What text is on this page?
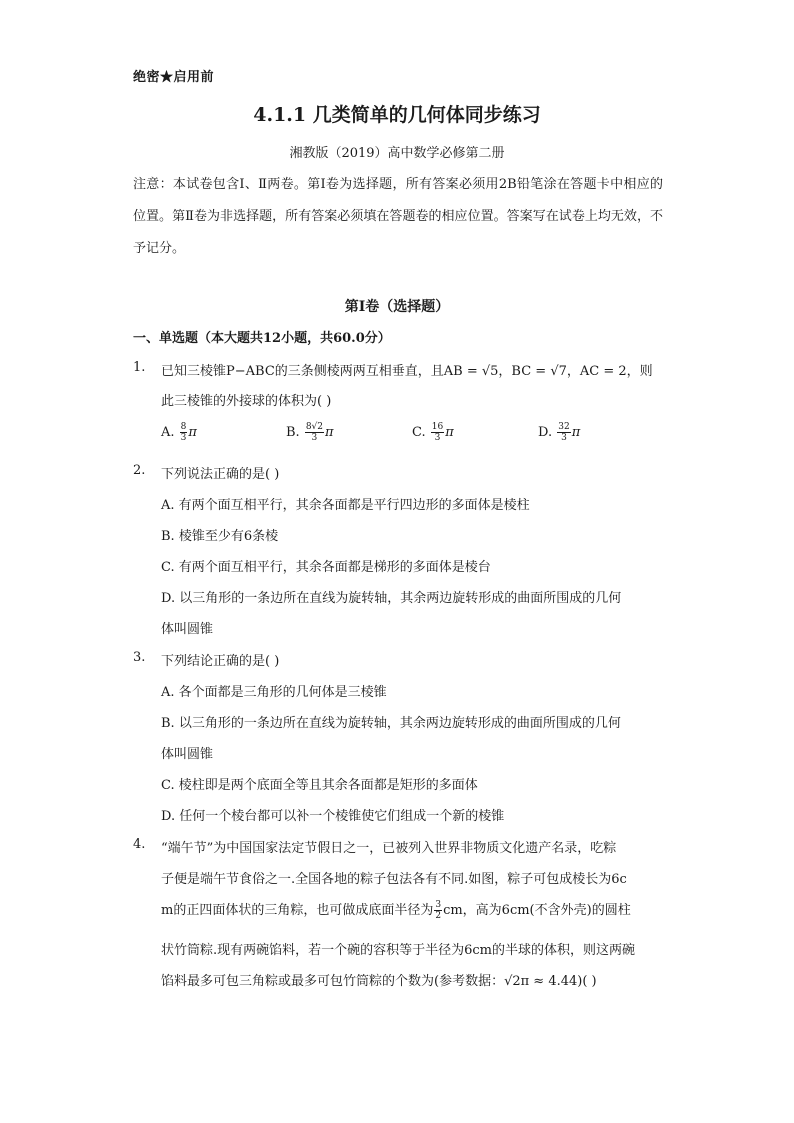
绝密★启用前
4.1.1 几类简单的几何体同步练习
湘教版（2019）高中数学必修第二册
注意：本试卷包含Ⅰ、Ⅱ两卷。第Ⅰ卷为选择题，所有答案必须用2B铅笔涂在答题卡中相应的位置。第Ⅱ卷为非选择题，所有答案必须填在答题卷的相应位置。答案写在试卷上均无效，不予记分。
第Ⅰ卷（选择题）
一、单选题（本大题共12小题，共60.0分）
1. 已知三棱锥P−ABC的三条侧棱两两互相垂直，且AB = √5，BC = √7，AC = 2，则
此三棱锥的外接球的体积为( )
A. $\frac{8}{3}$ π	B. $\frac{8√2}{3}$ π	C. $\frac{16}{3}$ π	D. $\frac{32}{3}$ π
2. 下列说法正确的是( )
A. 有两个面互相平行，其余各面都是平行四边形的多面体是棱柱
B. 棱锥至少有6条棱
C. 有两个面互相平行，其余各面都是梯形的多面体是棱台
D. 以三角形的一条边所在直线为旋转轴，其余两边旋转形成的曲面所围成的几何
体叫圆锥
3. 下列结论正确的是( )
A. 各个面都是三角形的几何体是三棱锥
B. 以三角形的一条边所在直线为旋转轴，其余两边旋转形成的曲面所围成的几何
体叫圆锥
C. 棱柱即是两个底面全等且其余各面都是矩形的多面体
D. 任何一个棱台都可以补一个棱锥使它们组成一个新的棱锥
4. “端午节”为中国国家法定节假日之一，已被列入世界非物质文化遗产名录，吃粽
子便是端午节食俗之一.全国各地的粽子包法各有不同.如图，粽子可包成棱长为6c
m的正四面体状的三角粽，也可做成底面半径为 $\frac{3}{2}$ cm，高为6cm(不含外壳)的圆柱
状竹筒粽.现有两碗馅料，若一个碗的容积等于半径为6cm的半球的体积，则这两碗
馅料最多可包三角粽或最多可包竹筒粽的个数为(参考数据：√2π ≈ 4.44)( )
